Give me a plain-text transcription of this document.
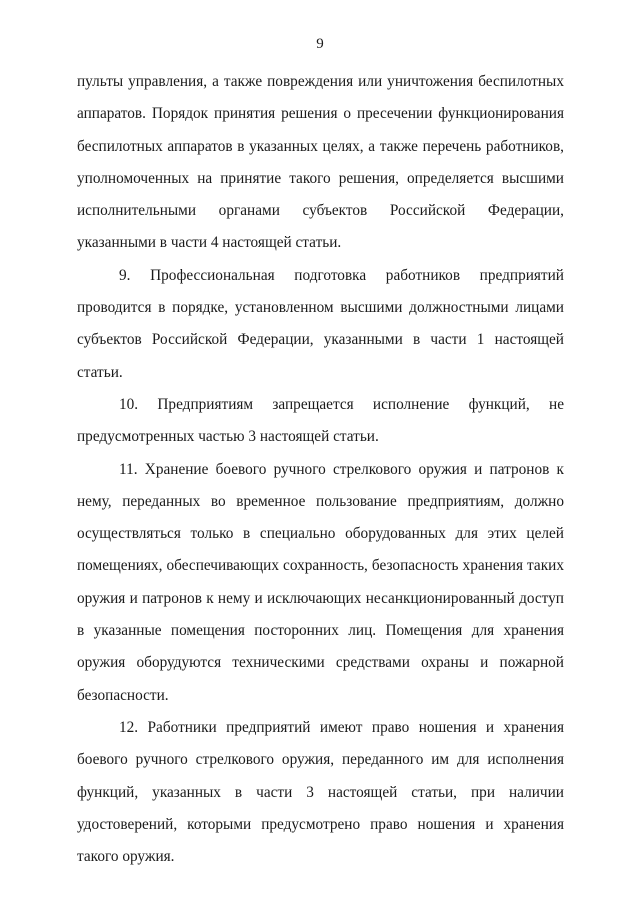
9

пульты управления, а также повреждения или уничтожения беспилотных аппаратов. Порядок принятия решения о пресечении функционирования беспилотных аппаратов в указанных целях, а также перечень работников, уполномоченных на принятие такого решения, определяется высшими исполнительными органами субъектов Российской Федерации, указанными в части 4 настоящей статьи.

9. Профессиональная подготовка работников предприятий проводится в порядке, установленном высшими должностными лицами субъектов Российской Федерации, указанными в части 1 настоящей статьи.

10. Предприятиям запрещается исполнение функций, не предусмотренных частью 3 настоящей статьи.

11. Хранение боевого ручного стрелкового оружия и патронов к нему, переданных во временное пользование предприятиям, должно осуществляться только в специально оборудованных для этих целей помещениях, обеспечивающих сохранность, безопасность хранения таких оружия и патронов к нему и исключающих несанкционированный доступ в указанные помещения посторонних лиц. Помещения для хранения оружия оборудуются техническими средствами охраны и пожарной безопасности.

12. Работники предприятий имеют право ношения и хранения боевого ручного стрелкового оружия, переданного им для исполнения функций, указанных в части 3 настоящей статьи, при наличии удостоверений, которыми предусмотрено право ношения и хранения такого оружия.
